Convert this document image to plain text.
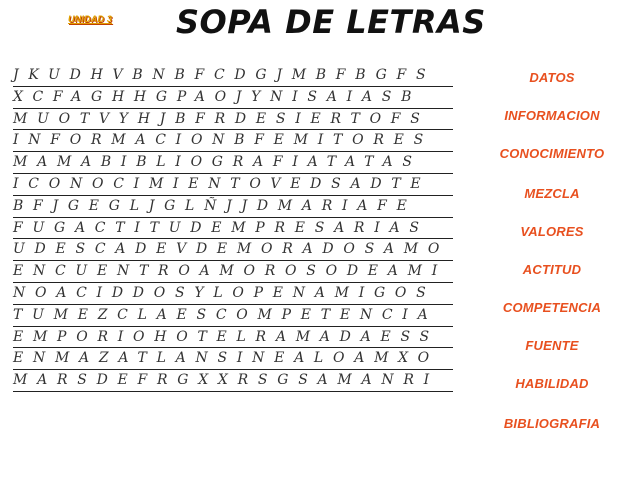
UNIDAD 3 SOPA DE LETRAS
JKUDHVBNBFCDGJMBFBGFS
XCFAGHHGPAOJYNISAIASB
MUOTVYHJBFRDESIERTOFS
INFORMACIONBFEMITORES
MAMABIBLIOGRAFIATATAS
ICONOCIMIENTOVEDSADTE
BFJGEGLJGLÑJJDMARIAFE
FUGACTITUDEMPRESARIAS
UDESCADEVDEMORADOSAMO
ENCUENTROAMOROSODEAMI
NOACIDDOSYLOPENAMIGOS
TUMEZCLAESCOMPETENCIA
EMPORIOHOTELRAMADAESS
ENMAZATLANSINEALOAMXO
MARSDEFRGXXRSGSAMANRI
DATOS
INFORMACION
CONOCIMIENTO
MEZCLA
VALORES
ACTITUD
COMPETENCIA
FUENTE
HABILIDAD
BIBLIOGRAFIA
